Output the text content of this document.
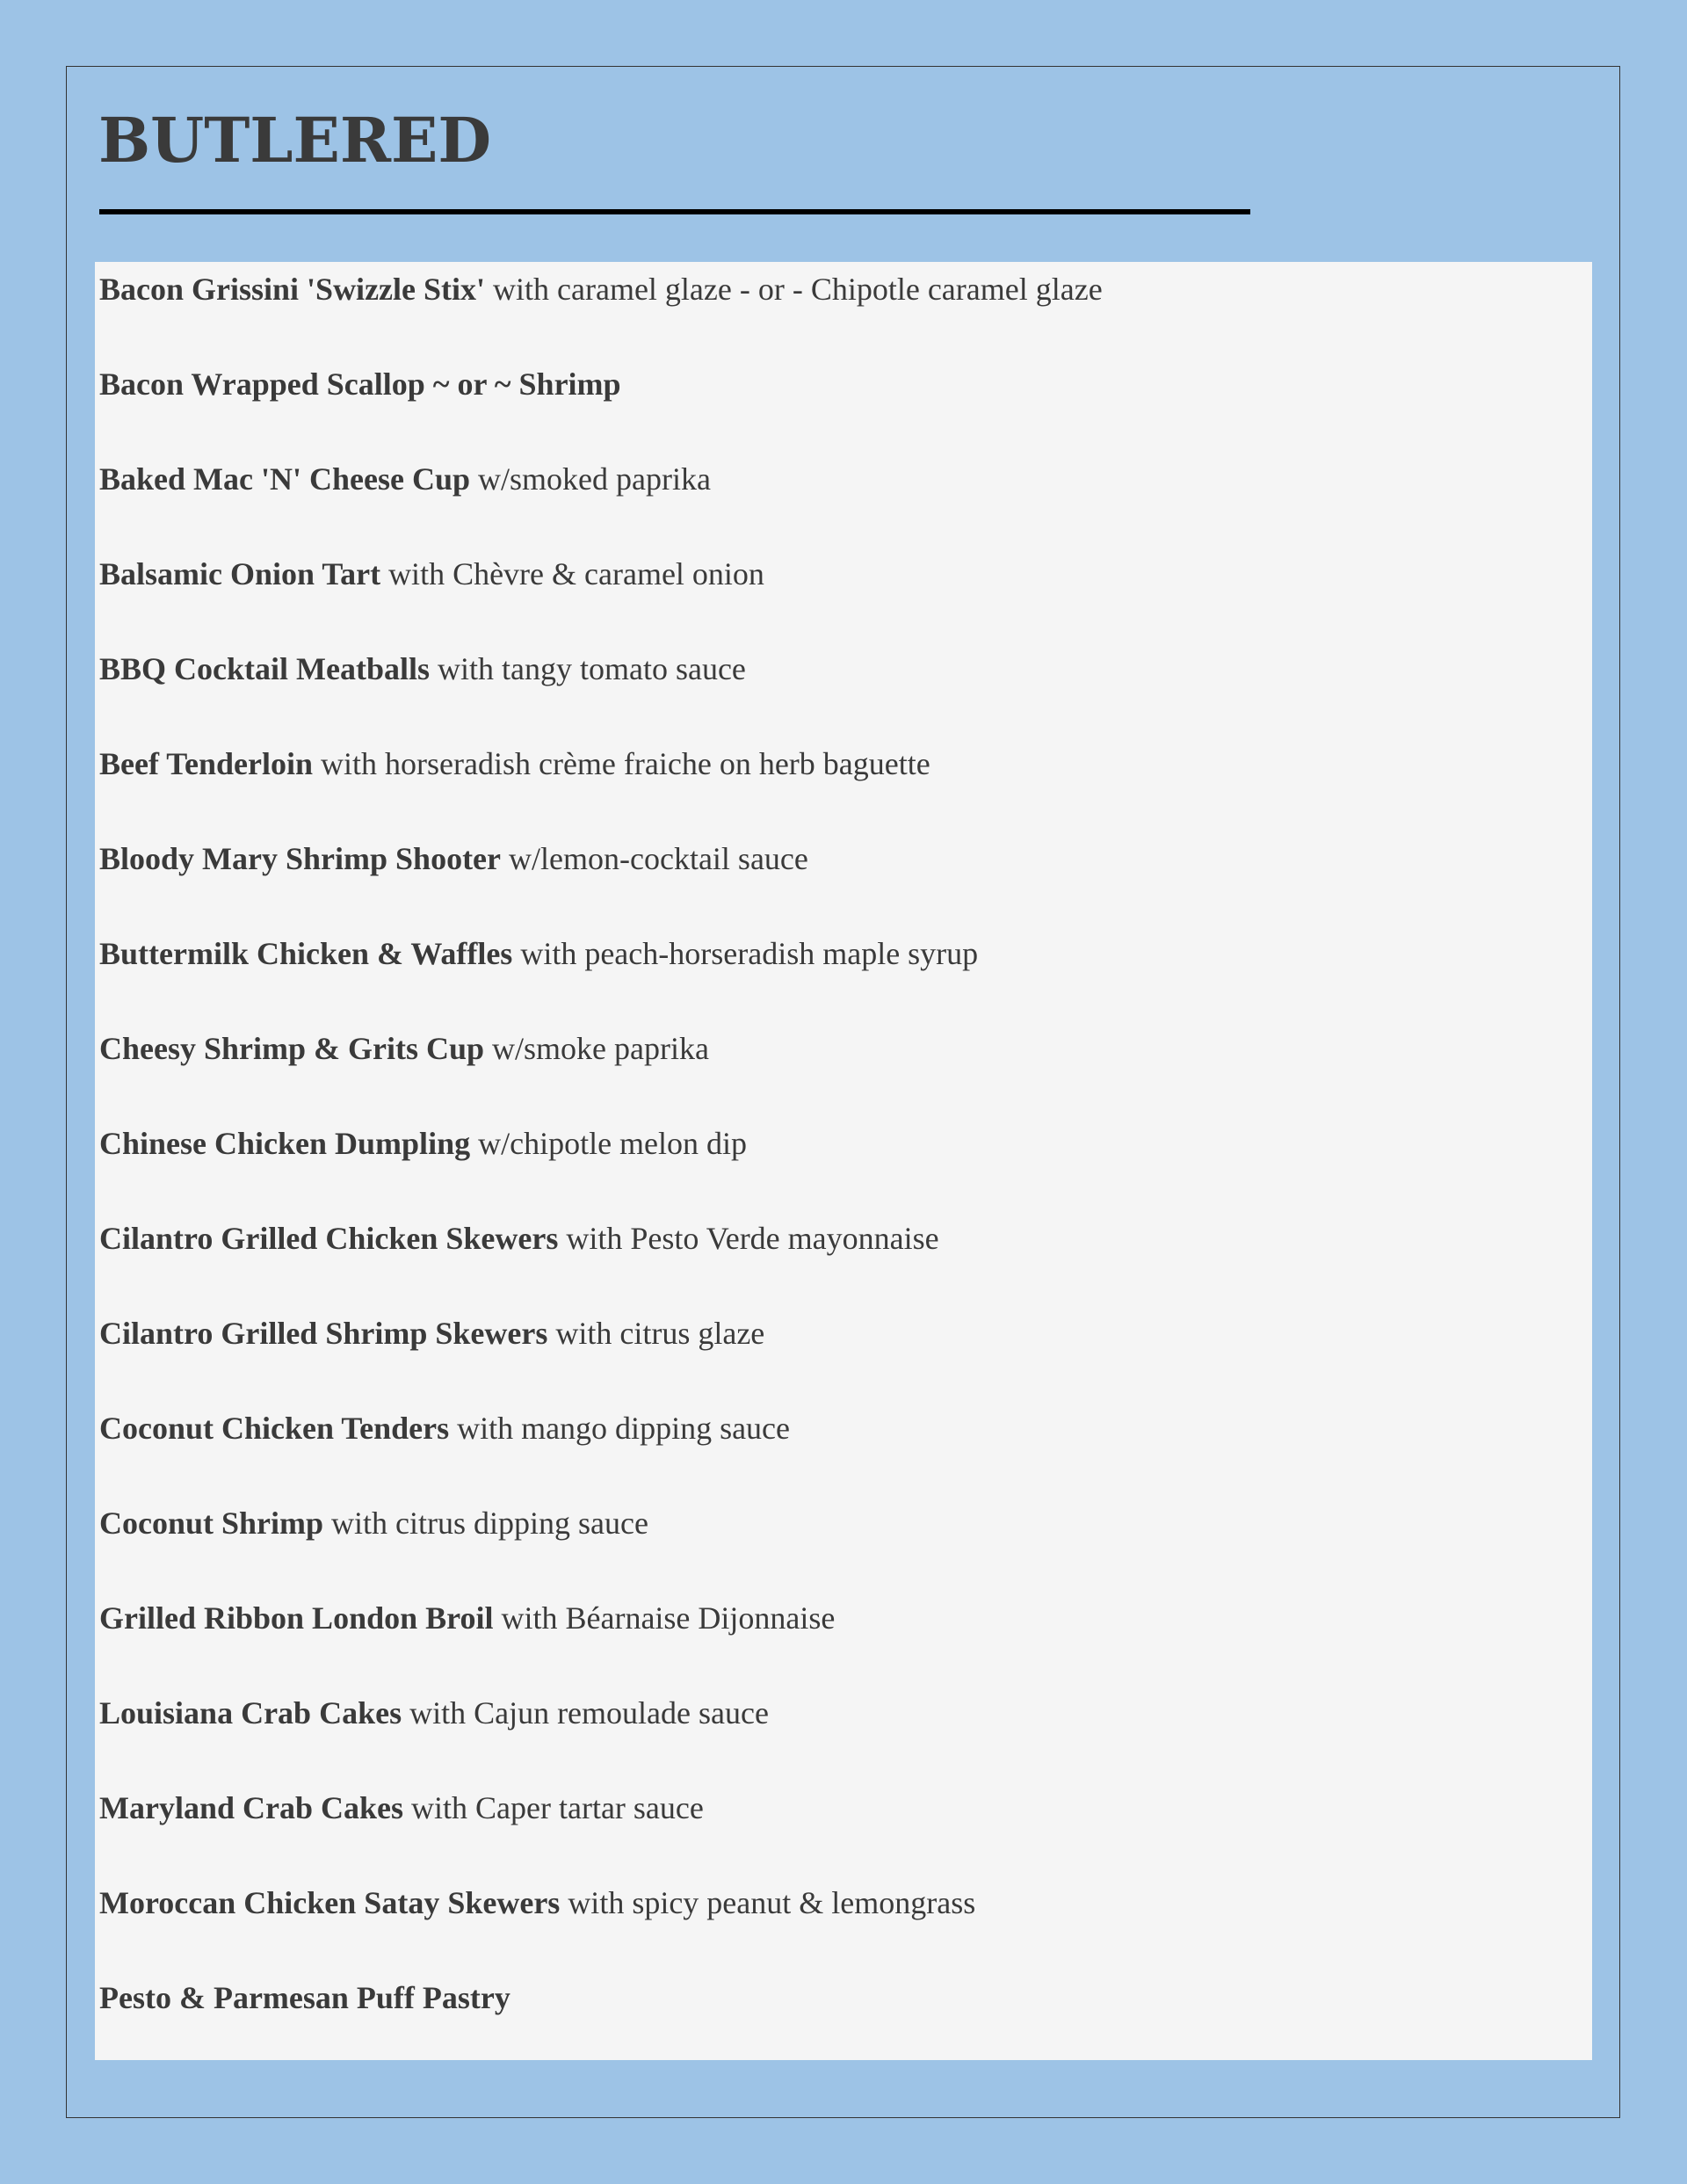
BUTLERED
Bacon Grissini 'Swizzle Stix' with caramel glaze - or - Chipotle caramel glaze
Bacon Wrapped Scallop ~ or ~ Shrimp
Baked Mac 'N' Cheese Cup w/smoked paprika
Balsamic Onion Tart with Chèvre & caramel onion
BBQ Cocktail Meatballs with tangy tomato sauce
Beef Tenderloin with horseradish crème fraiche on herb baguette
Bloody Mary Shrimp Shooter w/lemon-cocktail sauce
Buttermilk Chicken & Waffles with peach-horseradish maple syrup
Cheesy Shrimp & Grits Cup w/smoke paprika
Chinese Chicken Dumpling w/chipotle melon dip
Cilantro Grilled Chicken Skewers with Pesto Verde mayonnaise
Cilantro Grilled Shrimp Skewers with citrus glaze
Coconut Chicken Tenders with mango dipping sauce
Coconut Shrimp with citrus dipping sauce
Grilled Ribbon London Broil with Béarnaise Dijonnaise
Louisiana Crab Cakes with Cajun remoulade sauce
Maryland Crab Cakes with Caper tartar sauce
Moroccan Chicken Satay Skewers with spicy peanut & lemongrass
Pesto & Parmesan Puff Pastry
